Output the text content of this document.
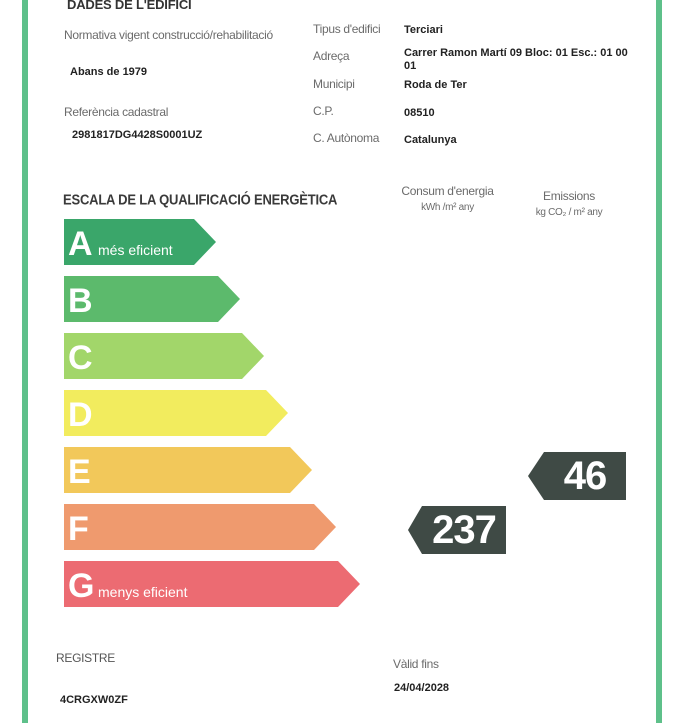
DADES DE L'EDIFICI
Normativa vigent construcció/rehabilitació
Abans de 1979
Referència cadastral
2981817DG4428S0001UZ
Tipus d'edifici Terciari
Adreça	Carrer Ramon Martí 09 Bloc: 01 Esc.: 01 00
01
Municipi	Roda de Ter
C.P.	08510
C. Autònoma Catalunya
ESCALA DE LA QUALIFICACIÓ ENERGÈTICA
Consum d'energia
kWh /m² any
Emissions
kg CO₂ / m² any
A més eficient
B
C
D
E
F
G menys eficient
237
46
REGISTRE
4CRGXW0ZF
Vàlid fins
24/04/2028
